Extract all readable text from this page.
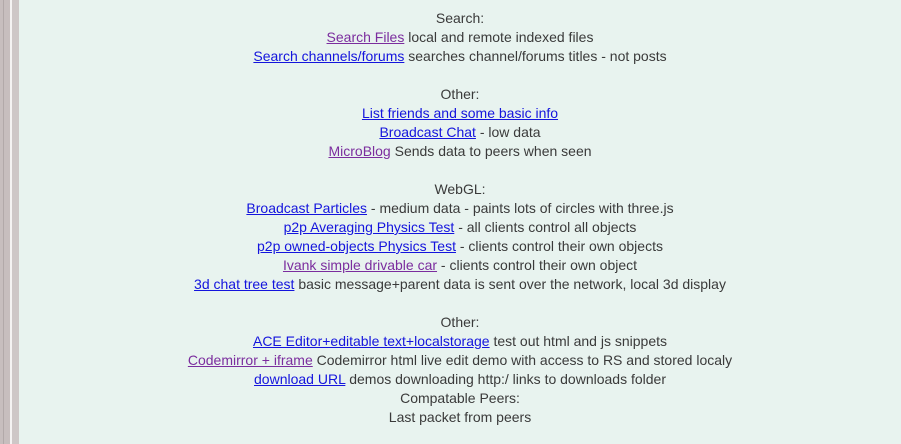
Search:
Search Files local and remote indexed files
Search channels/forums searches channel/forums titles - not posts
Other:
List friends and some basic info
Broadcast Chat - low data
MicroBlog Sends data to peers when seen
WebGL:
Broadcast Particles - medium data - paints lots of circles with three.js
p2p Averaging Physics Test - all clients control all objects
p2p owned-objects Physics Test - clients control their own objects
Ivank simple drivable car - clients control their own object
3d chat tree test basic message+parent data is sent over the network, local 3d display
Other:
ACE Editor+editable text+localstorage test out html and js snippets
Codemirror + iframe Codemirror html live edit demo with access to RS and stored localy
download URL demos downloading http:/ links to downloads folder
Compatable Peers:
Last packet from peers
